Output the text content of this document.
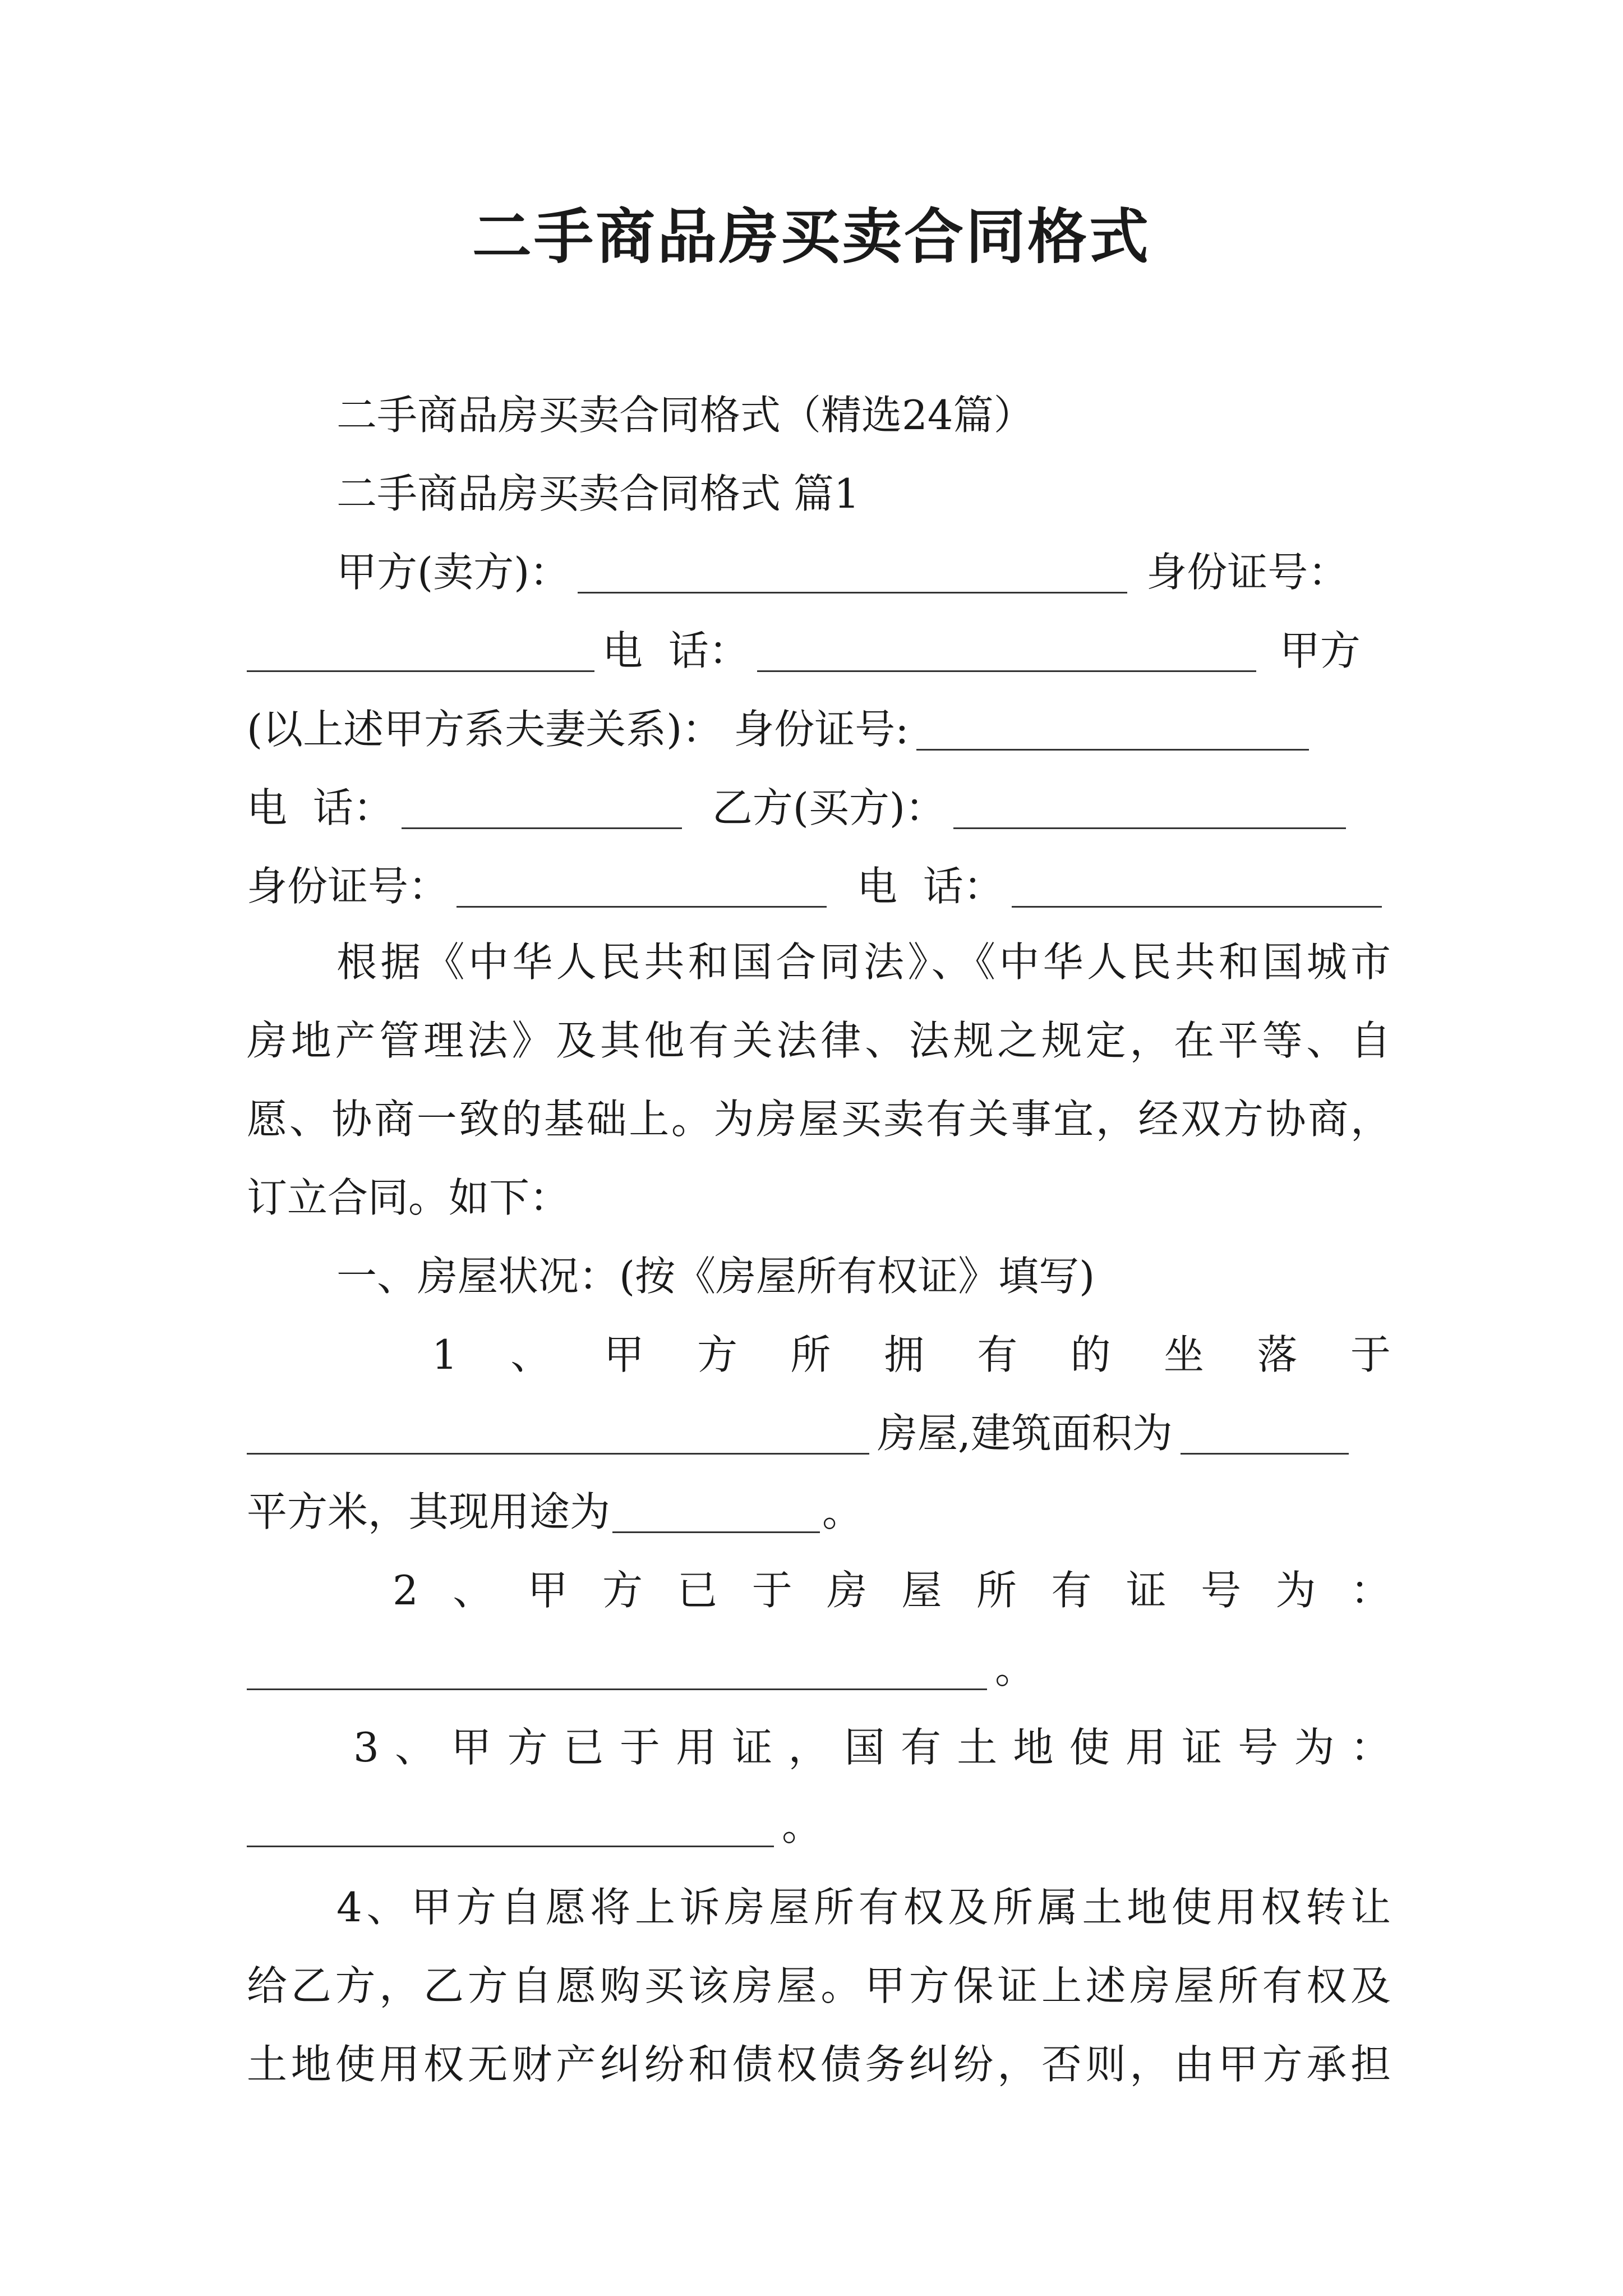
二手商品房买卖合同格式
二手商品房买卖合同格式（精选24篇）
二手商品房买卖合同格式 篇1
甲方(卖方)：	身份证号：
电  话：	甲方
(以上述甲方系夫妻关系)： 身份证号:
电  话：	乙方(买方)：
身份证号：	电  话：
根据《中华人民共和国合同法》、《中华人民共和国城市
房地产管理法》及其他有关法律、法规之规定，在平等、自
愿、协商一致的基础上。为房屋买卖有关事宜，经双方协商，
订立合同。如下：
一、房屋状况：(按《房屋所有权证》填写)
1 、 甲 方 所 拥 有 的 坐 落 于
房屋,建筑面积为
平方米，其现用途为	。
2 、 甲 方 已 于 房 屋 所 有 证 号 为 ：
。
3 、 甲 方 已 于 用 证 ， 国 有 土 地 使 用 证 号 为 ：
。
4、甲方自愿将上诉房屋所有权及所属土地使用权转让
给乙方，乙方自愿购买该房屋。甲方保证上述房屋所有权及
土地使用权无财产纠纷和债权债务纠纷，否则，由甲方承担
